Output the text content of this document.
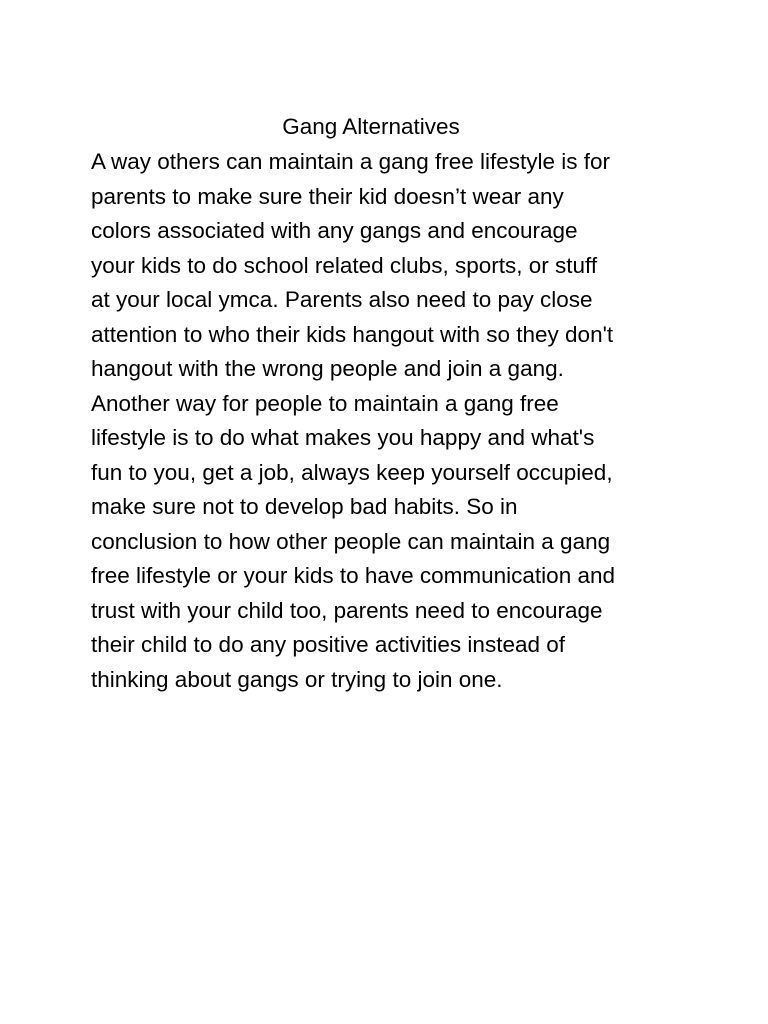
Gang Alternatives
A way others can maintain a gang free lifestyle is for
parents to make sure their kid doesn’t wear any
colors associated with any gangs and encourage
your kids to do school related clubs, sports, or stuff
at your local ymca. Parents also need to pay close
attention to who their kids hangout with so they don't
hangout with the wrong people and join a gang.
Another way for people to maintain a gang free
lifestyle is to do what makes you happy and what's
fun to you, get a job, always keep yourself occupied,
make sure not to develop bad habits. So in
conclusion to how other people can maintain a gang
free lifestyle or your kids to have communication and
trust with your child too, parents need to encourage
their child to do any positive activities instead of
thinking about gangs or trying to join one.
